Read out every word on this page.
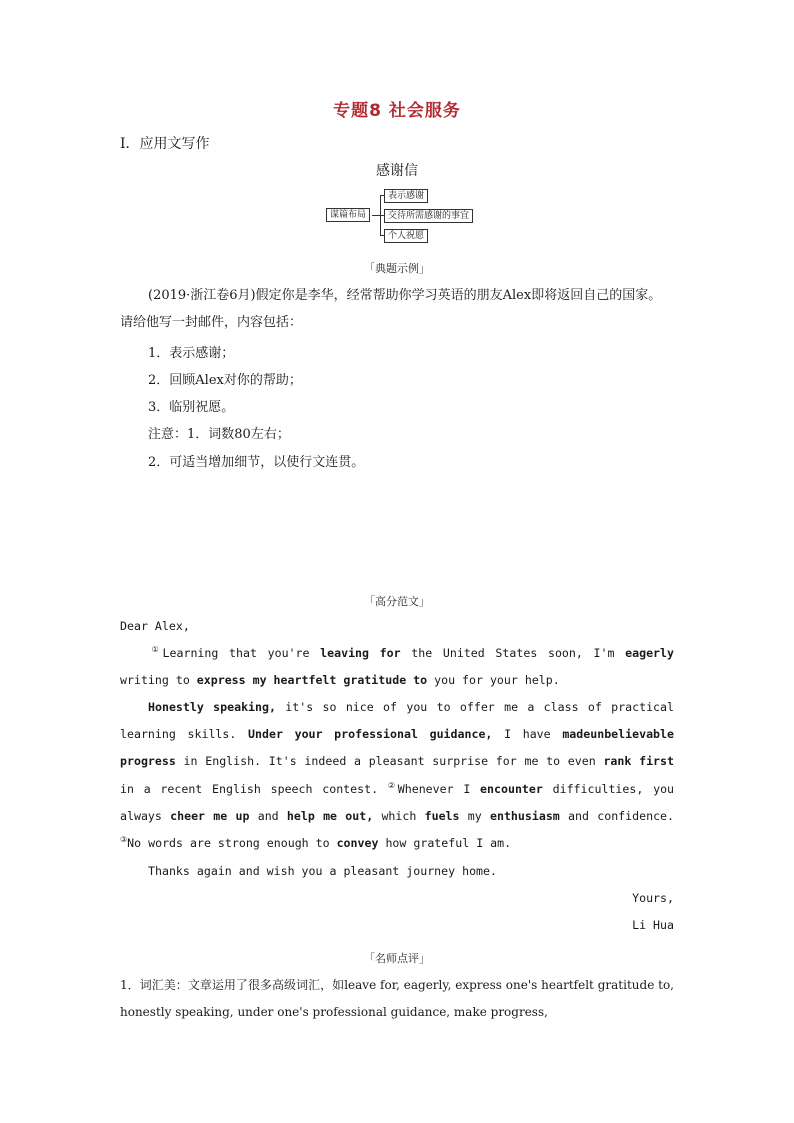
专题8 社会服务
Ⅰ．应用文写作
感谢信
谋篇布局
表示感谢
交待所需感谢的事宜
个人祝愿
「典题示例」
(2019·浙江卷6月)假定你是李华，经常帮助你学习英语的朋友Alex即将返回自己的国家。请给他写一封邮件，内容包括：
1．表示感谢；
2．回顾Alex对你的帮助；
3．临别祝愿。
注意：1．词数80左右；
2．可适当增加细节，以使行文连贯。
「高分范文」
Dear Alex,
①Learning that you're leaving for the United States soon, I'm eagerly writing to express my heartfelt gratitude to you for your help.
Honestly speaking, it's so nice of you to offer me a class of practical learning skills. Under your professional guidance, I have madeunbelievable progress in English. It's indeed a pleasant surprise for me to even rank first in a recent English speech contest. ②Whenever I encounter difficulties, you always cheer me up and help me out, which fuels my enthusiasm and confidence. ③No words are strong enough to convey how grateful I am.
Thanks again and wish you a pleasant journey home.
Yours,
Li Hua
「名师点评」
1．词汇美：文章运用了很多高级词汇，如leave for, eagerly, express one's heartfelt gratitude to, honestly speaking, under one's professional guidance, make progress,
